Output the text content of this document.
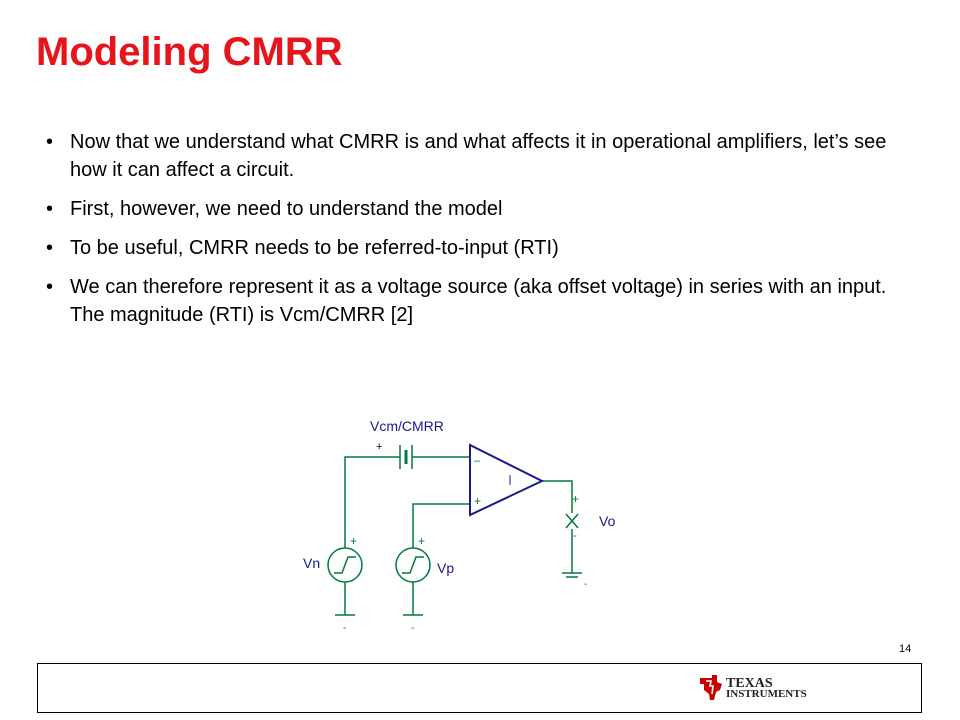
Modeling CMRR
• Now that we understand what CMRR is and what affects it in operational amplifiers, let’s see how it can affect a circuit.
• First, however, we need to understand the model
• To be useful, CMRR needs to be referred-to-input (RTI)
• We can therefore represent it as a voltage source (aka offset voltage) in series with an input. The magnitude (RTI) is Vcm/CMRR [2]
Vcm/CMRR
+
–
+
Vn
+
Vp
+
Vo
+
-
-	-
-
14
TEXAS
INSTRUMENTS
